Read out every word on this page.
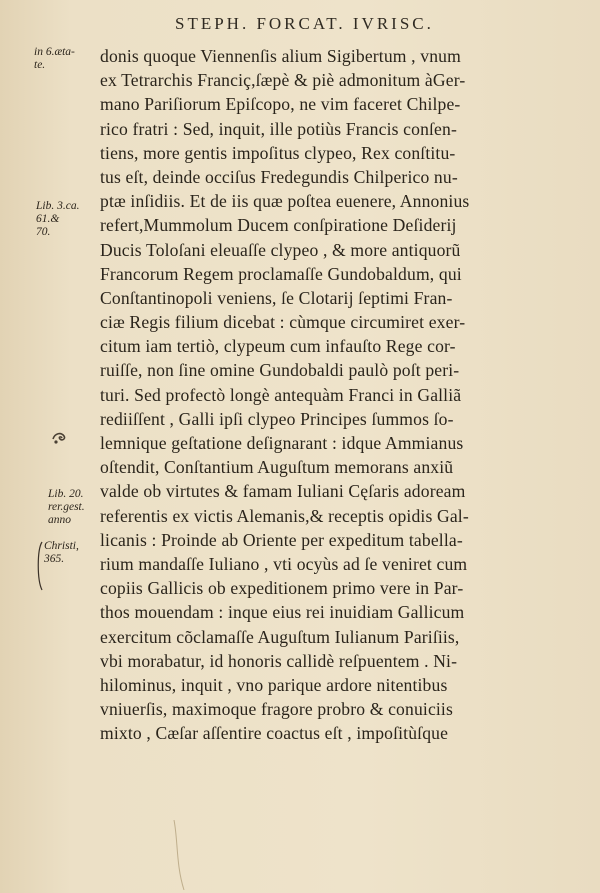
STEPH. FORCAT. IVRISC.
in 6.æta-
te.
Lib. 3.ca.
61.&
70.
Lib. 20.
rer.gest.
anno
Christi,
365.
donis quoque Viennenſis alium Sigibertum , vnum
ex Tetrarchis Franciç,ſæpè & piè admonitum àGer-
mano Pariſiorum Epiſcopo, ne vim faceret Chilpe-
rico fratri : Sed, inquit, ille potiùs Francis conſen-
tiens, more gentis impoſitus clypeo, Rex conſtitu-
tus eſt, deinde occiſus Fredegundis Chilperico nu-
ptæ inſidiis. Et de iis quæ poſtea euenere, Annonius
refert,Mummolum Ducem conſpiratione Deſiderij
Ducis Toloſani eleuaſſe clypeo , & more antiquorũ
Francorum Regem proclamaſſe Gundobaldum, qui
Conſtantinopoli veniens, ſe Clotarij ſeptimi Fran-
ciæ Regis filium dicebat : cùmque circumiret exer-
citum iam tertiò, clypeum cum infauſto Rege cor-
ruiſſe, non ſine omine Gundobaldi paulò poſt peri-
turi. Sed profectò longè antequàm Franci in Galliã
rediiſſent , Galli ipſi clypeo Principes ſummos ſo-
lemnique geſtatione deſignarant : idque Ammianus
oſtendit, Conſtantium Auguſtum memorans anxiũ
valde ob virtutes & famam Iuliani Cęſaris adoream
referentis ex victis Alemanis,& receptis opidis Gal-
licanis : Proinde ab Oriente per expeditum tabella-
rium mandaſſe Iuliano , vti ocyùs ad ſe veniret cum
copiis Gallicis ob expeditionem primo vere in Par-
thos mouendam : inque eius rei inuidiam Gallicum
exercitum cõclamaſſe Auguſtum Iulianum Pariſiis,
vbi morabatur, id honoris callidè reſpuentem . Ni-
hilominus, inquit , vno parique ardore nitentibus
vniuerſis, maximoque fragore probro & conuiciis
mixto , Cæſar aſſentire coactus eſt , impoſitùſque
